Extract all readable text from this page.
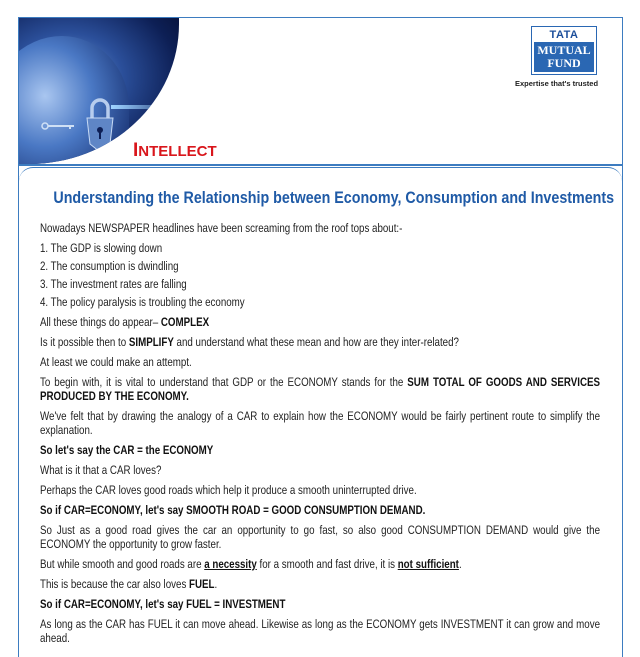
INTELLECT
TATA
MUTUAL
FUND
Expertise that's trusted
Understanding the Relationship between Economy, Consumption and Investments

Nowadays NEWSPAPER headlines have been screaming from the roof tops about:-

1. The GDP is slowing down
2. The consumption is dwindling
3. The investment rates are falling
4. The policy paralysis is troubling the economy

All these things do appear– COMPLEX

Is it possible then to SIMPLIFY and understand what these mean and how are they inter-related?

At least we could make an attempt.

To begin with, it is vital to understand that GDP or the ECONOMY stands for the SUM TOTAL OF GOODS AND SERVICES PRODUCED BY THE ECONOMY.

We've felt that by drawing the analogy of a CAR to explain how the ECONOMY would be fairly pertinent route to simplify the explanation.

So let's say the CAR = the ECONOMY

What is it that a CAR loves?

Perhaps the CAR loves good roads which help it produce a smooth uninterrupted drive.

So if CAR=ECONOMY, let's say SMOOTH ROAD = GOOD CONSUMPTION DEMAND.

So Just as a good road gives the car an opportunity to go fast, so also good CONSUMPTION DEMAND would give the ECONOMY the opportunity to grow faster.

But while smooth and good roads are a necessity for a smooth and fast drive, it is not sufficient.

This is because the car also loves FUEL.

So if CAR=ECONOMY, let's say FUEL = INVESTMENT

As long as the CAR has FUEL it can move ahead. Likewise as long as the ECONOMY gets INVESTMENT it can grow and move ahead.
